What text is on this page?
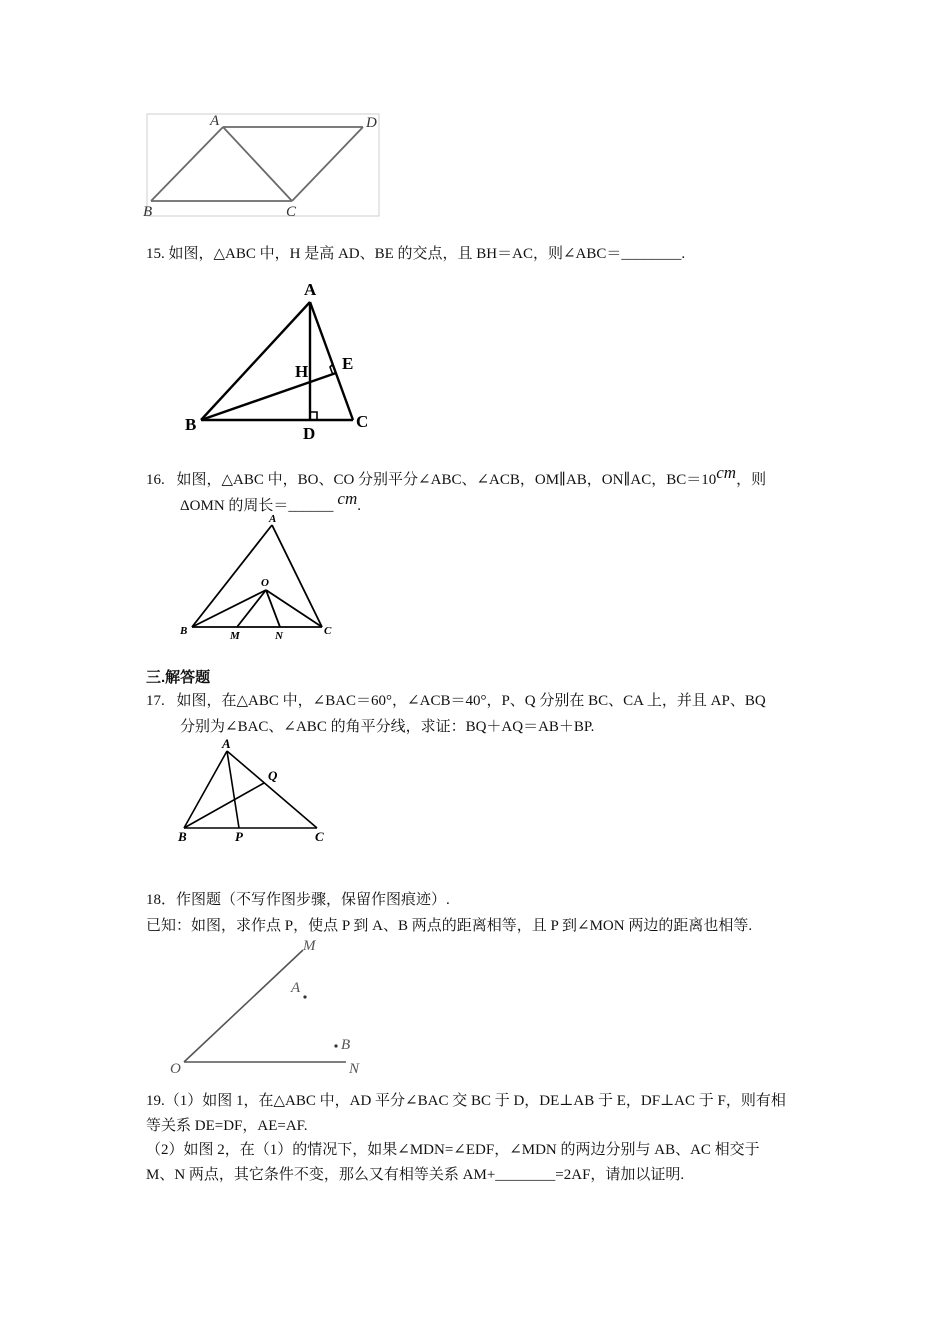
A	D
B	C
15. 如图，△ABC 中，H 是高 AD、BE 的交点，且 BH＝AC，则∠ABC＝________.
A
B	C
D
E
H
16. 如图，△ABC 中，BO、CO 分别平分∠ABC、∠ACB，OM∥AB，ON∥AC，BC＝10cm，则
ΔOMN 的周长＝______ cm.
A
O
B	C
M	N
三.解答题
17. 如图，在△ABC 中，∠BAC＝60°，∠ACB＝40°，P、Q 分别在 BC、CA 上，并且 AP、BQ
分别为∠BAC、∠ABC 的角平分线，求证：BQ＋AQ＝AB＋BP.
A
Q
B	P	C
18．作图题（不写作图步骤，保留作图痕迹）.
已知：如图，求作点 P，使点 P 到 A、B 两点的距离相等，且 P 到∠MON 两边的距离也相等.
M
A
B
O	N
19.（1）如图 1，在△ABC 中，AD 平分∠BAC 交 BC 于 D，DE⊥AB 于 E，DF⊥AC 于 F，则有相
等关系 DE=DF，AE=AF.
（2）如图 2，在（1）的情况下，如果∠MDN=∠EDF，∠MDN 的两边分别与 AB、AC 相交于
M、N 两点，其它条件不变，那么又有相等关系 AM+________=2AF，请加以证明.
